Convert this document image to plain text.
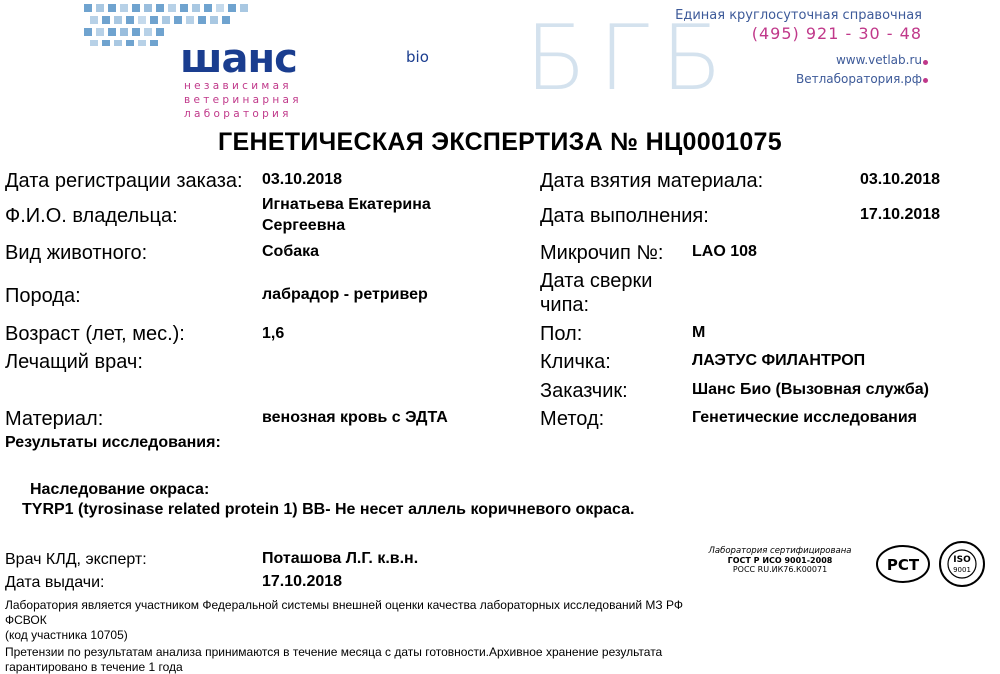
шанс	bio
независимая
ветеринарная
лаборатория
БГБ
Единая круглосуточная справочная
(495) 921 - 30 - 48
www.vetlab.ru
Ветлаборатория.рф
ГЕНЕТИЧЕСКАЯ ЭКСПЕРТИЗА № НЦ0001075
Дата регистрации заказа: 03.10.2018
Ф.И.О. владельца:
Игнатьева Екатерина
Сергеевна
Вид животного:	Собака
Порода:	лабрадор - ретривер
Возраст (лет, мес.):	1,6
Лечащий врач:
Материал:	венозная кровь с ЭДТА
Дата взятия материала:	03.10.2018
Дата выполнения:	17.10.2018
Микрочип №: LAO 108
Дата сверки
чипа:
Пол:	М
Кличка:	ЛАЭТУС ФИЛАНТРОП
Заказчик:	Шанс Био (Вызовная служба)
Метод:	Генетические исследования
Результаты исследования:
Наследование окраса:
TYRP1 (tyrosinase related protein 1) BB- Не несет аллель коричневого окраса.
Врач КЛД, эксперт:	Поташова Л.Г. к.в.н.
Дата выдачи:	17.10.2018
Лаборатория сертифицирована
ГОСТ Р ИСО 9001-2008
РОСС RU.ИК76.К00071	РСТ	ISO
9001
Лаборатория является участником Федеральной системы внешней оценки качества лабораторных исследований МЗ РФ
ФСВОК
(код участника 10705)
Претензии по результатам анализа принимаются в течение месяца с даты готовности.Архивное хранение результата
гарантировано в течение 1 года
